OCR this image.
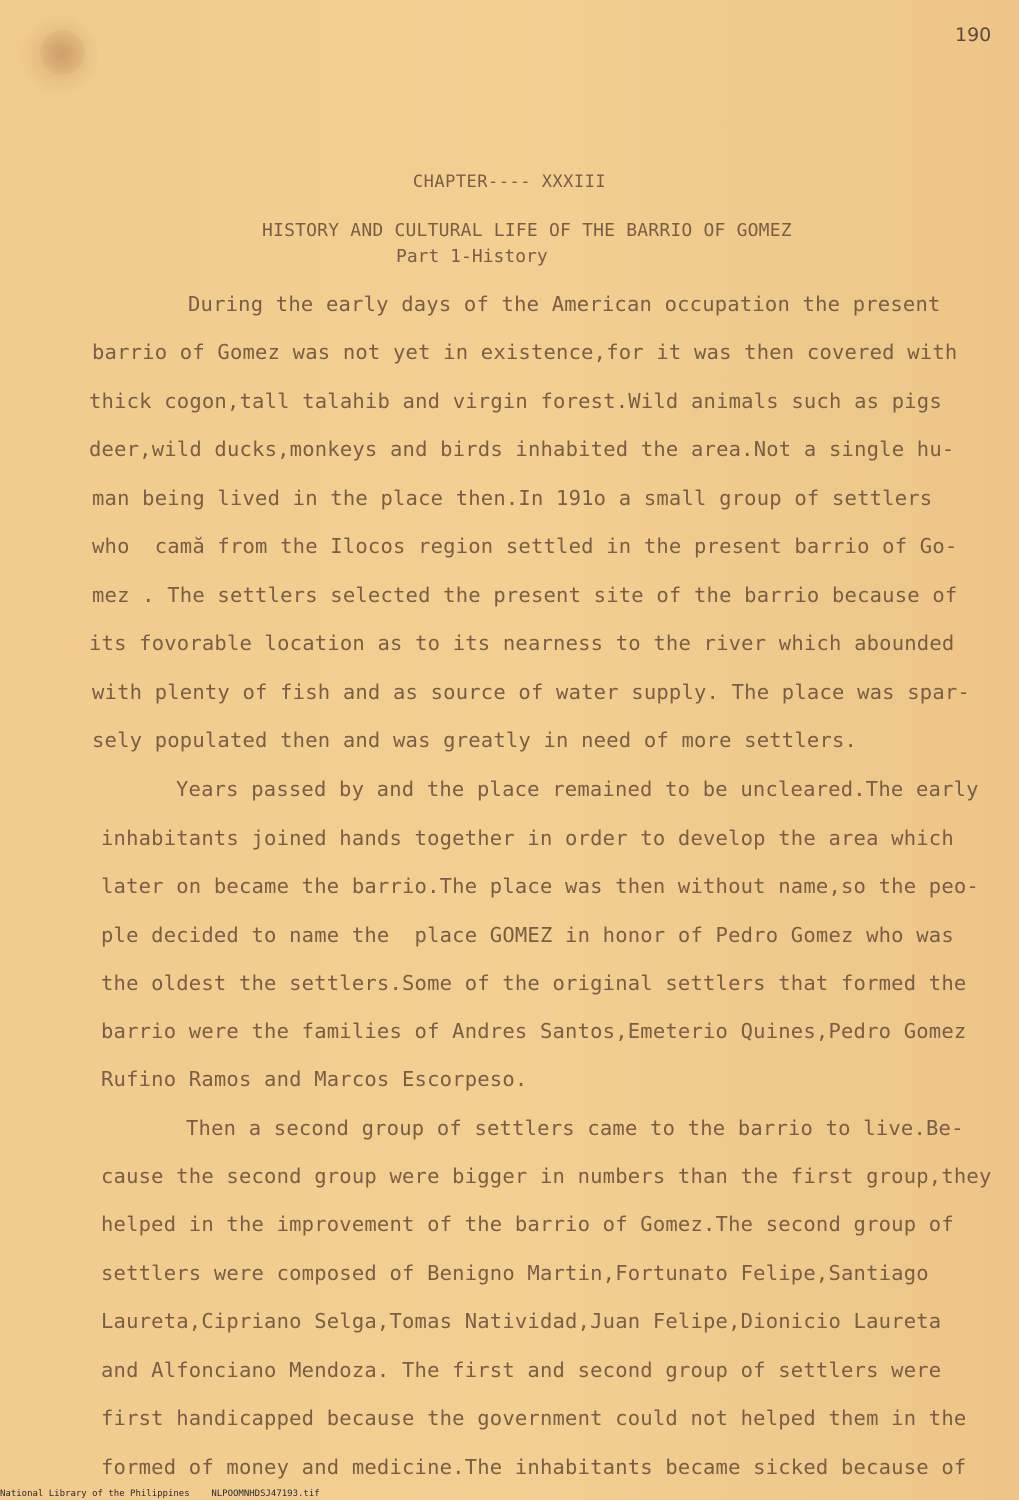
190
CHAPTER---- XXXIII
HISTORY AND CULTURAL LIFE OF THE BARRIO OF GOMEZ
Part 1-History
During the early days of the American occupation the present
barrio of Gomez was not yet in existence,for it was then covered with
thick cogon,tall talahib and virgin forest.Wild animals such as pigs
deer,wild ducks,monkeys and birds inhabited the area.Not a single hu-
man being lived in the place then.In 191o a small group of settlers
who  camă from the Ilocos region settled in the present barrio of Go-
mez . The settlers selected the present site of the barrio because of
its fovorable location as to its nearness to the river which abounded
with plenty of fish and as source of water supply. The place was spar-
sely populated then and was greatly in need of more settlers.
Years passed by and the place remained to be uncleared.The early
inhabitants joined hands together in order to develop the area which
later on became the barrio.The place was then without name,so the peo-
ple decided to name the  place GOMEZ in honor of Pedro Gomez who was
the oldest the settlers.Some of the original settlers that formed the
barrio were the families of Andres Santos,Emeterio Quines,Pedro Gomez
Rufino Ramos and Marcos Escorpeso.
Then a second group of settlers came to the barrio to live.Be-
cause the second group were bigger in numbers than the first group,they
helped in the improvement of the barrio of Gomez.The second group of
settlers were composed of Benigno Martin,Fortunato Felipe,Santiago
Laureta,Cipriano Selga,Tomas Natividad,Juan Felipe,Dionicio Laureta
and Alfonciano Mendoza. The first and second group of settlers were
first handicapped because the government could not helped them in the
formed of money and medicine.The inhabitants became sicked because of
National Library of the Philippines    NLPOOMNHDSJ47193.tif
